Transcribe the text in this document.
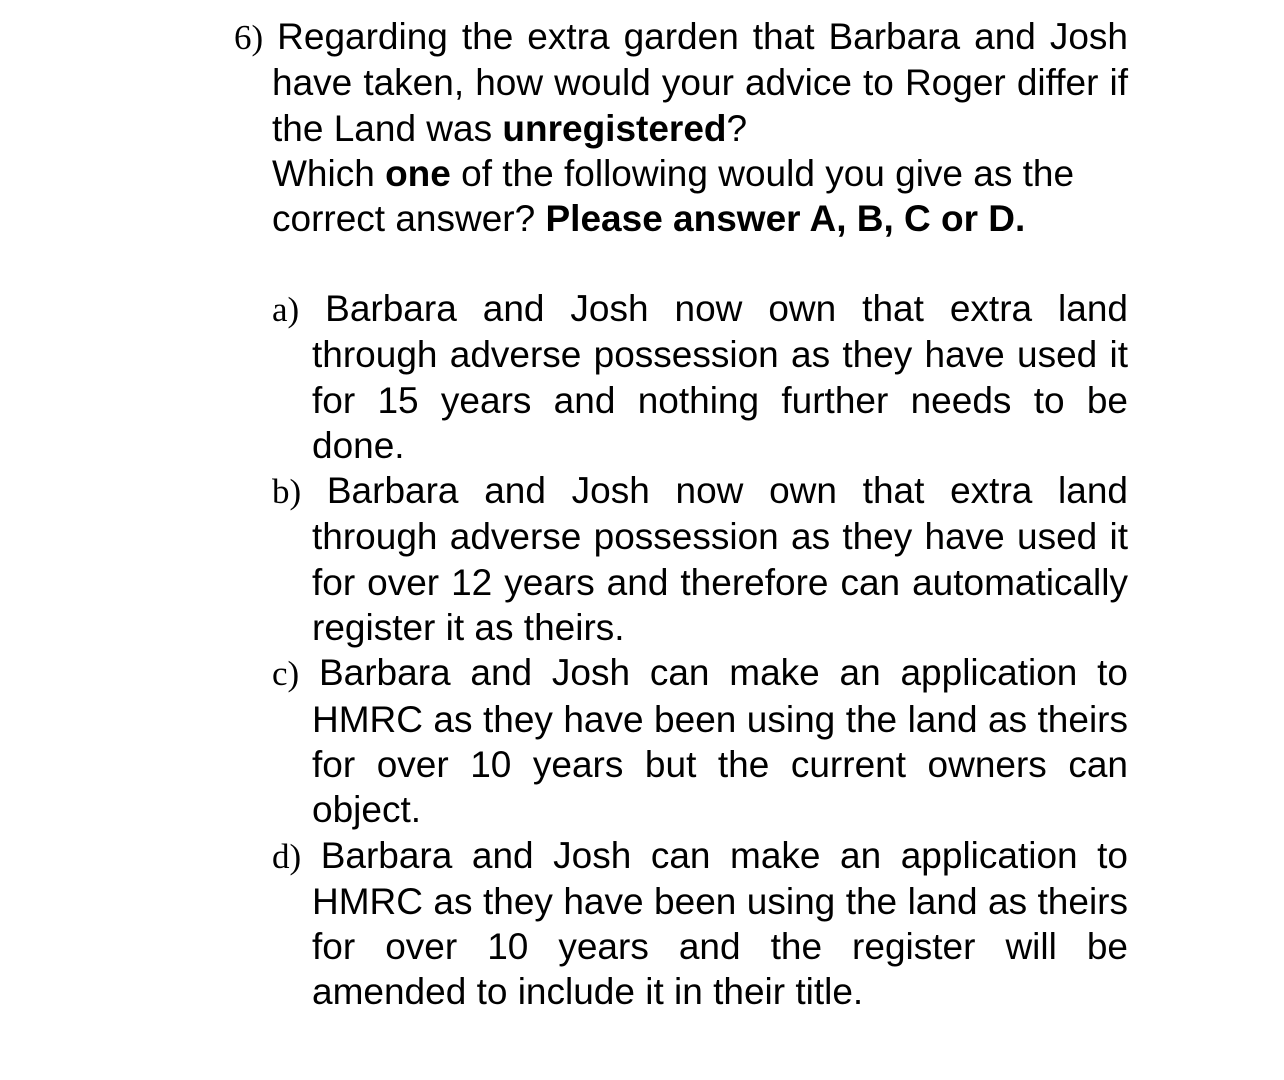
6) Regarding the extra garden that Barbara and Josh have taken, how would your advice to Roger differ if the Land was unregistered?
Which one of the following would you give as the correct answer? Please answer A, B, C or D.
a) Barbara and Josh now own that extra land through adverse possession as they have used it for 15 years and nothing further needs to be done.
b) Barbara and Josh now own that extra land through adverse possession as they have used it for over 12 years and therefore can automatically register it as theirs.
c) Barbara and Josh can make an application to HMRC as they have been using the land as theirs for over 10 years but the current owners can object.
d) Barbara and Josh can make an application to HMRC as they have been using the land as theirs for over 10 years and the register will be amended to include it in their title.
